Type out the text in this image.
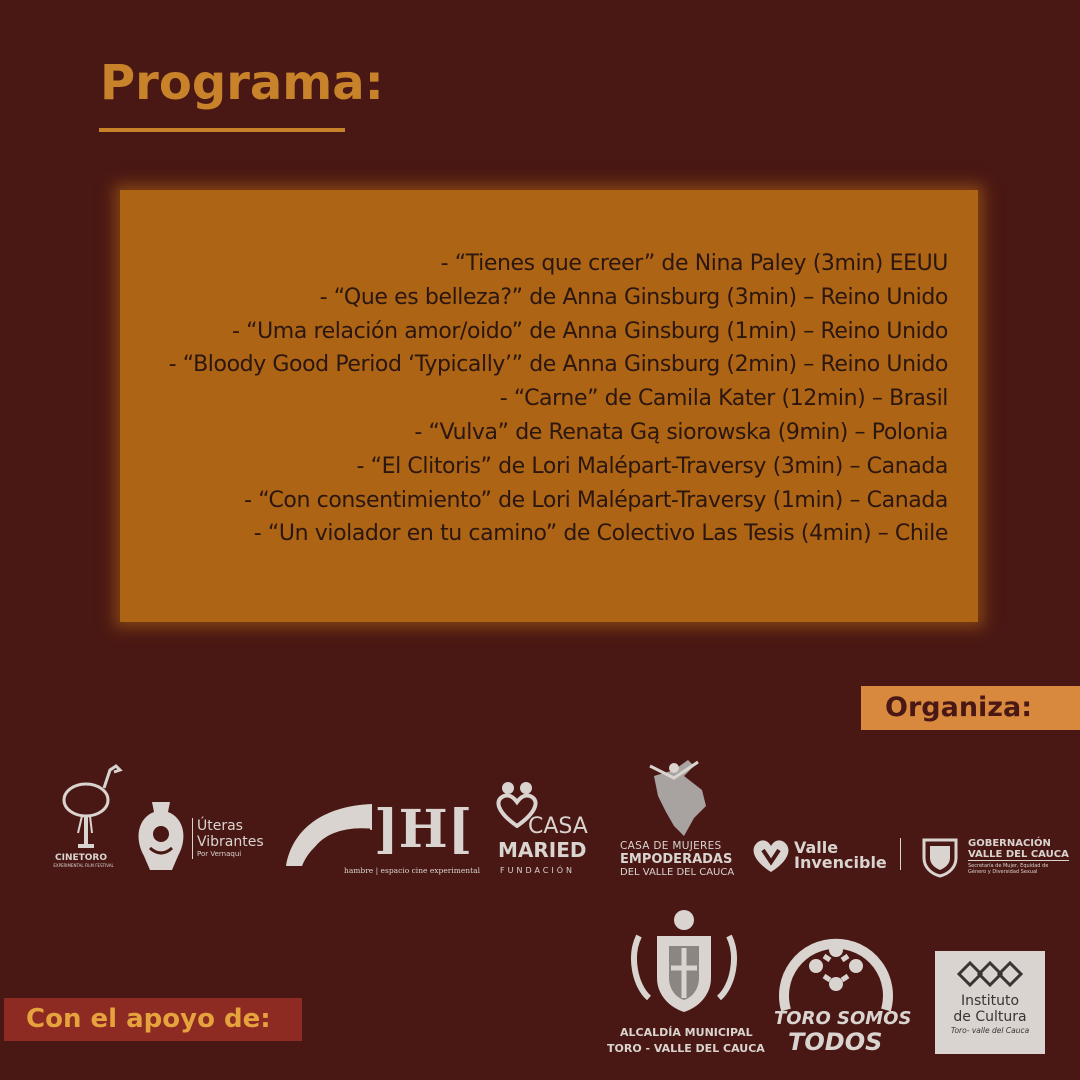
Programa:
- “Tienes que creer” de Nina Paley (3min) EEUU
- “Que es belleza?” de Anna Ginsburg (3min) – Reino Unido
- “Uma relación amor/oido” de Anna Ginsburg (1min) – Reino Unido
- “Bloody Good Period ‘Typically’” de Anna Ginsburg (2min) – Reino Unido
- “Carne” de Camila Kater (12min) – Brasil
- “Vulva” de Renata Gą siorowska (9min) – Polonia
- “El Clitoris” de Lori Malépart-Traversy (3min) – Canada
- “Con consentimiento” de Lori Malépart-Traversy (1min) – Canada
- “Un violador en tu camino” de Colectivo Las Tesis (4min) – Chile
Organiza:
CINETORO
EXPERIMENTAL FILM FESTIVAL
Úteras
Vibrantes
Por Vernaqui	]H[
hambre | espacio cine experimental
CASA
MARIED
FUNDACIÓN
CASA DE MUJERES
EMPODERADAS
DEL VALLE DEL CAUCA
Valle
Invencible
GOBERNACIÓN
VALLE DEL CAUCA
Secretaría de Mujer, Equidad de
Género y Diversidad Sexual
Con el apoyo de:	ALCALDÍA MUNICIPAL
TORO - VALLE DEL CAUCA
TORO SOMOS
TODOS
Instituto
de Cultura
Toro- valle del Cauca
